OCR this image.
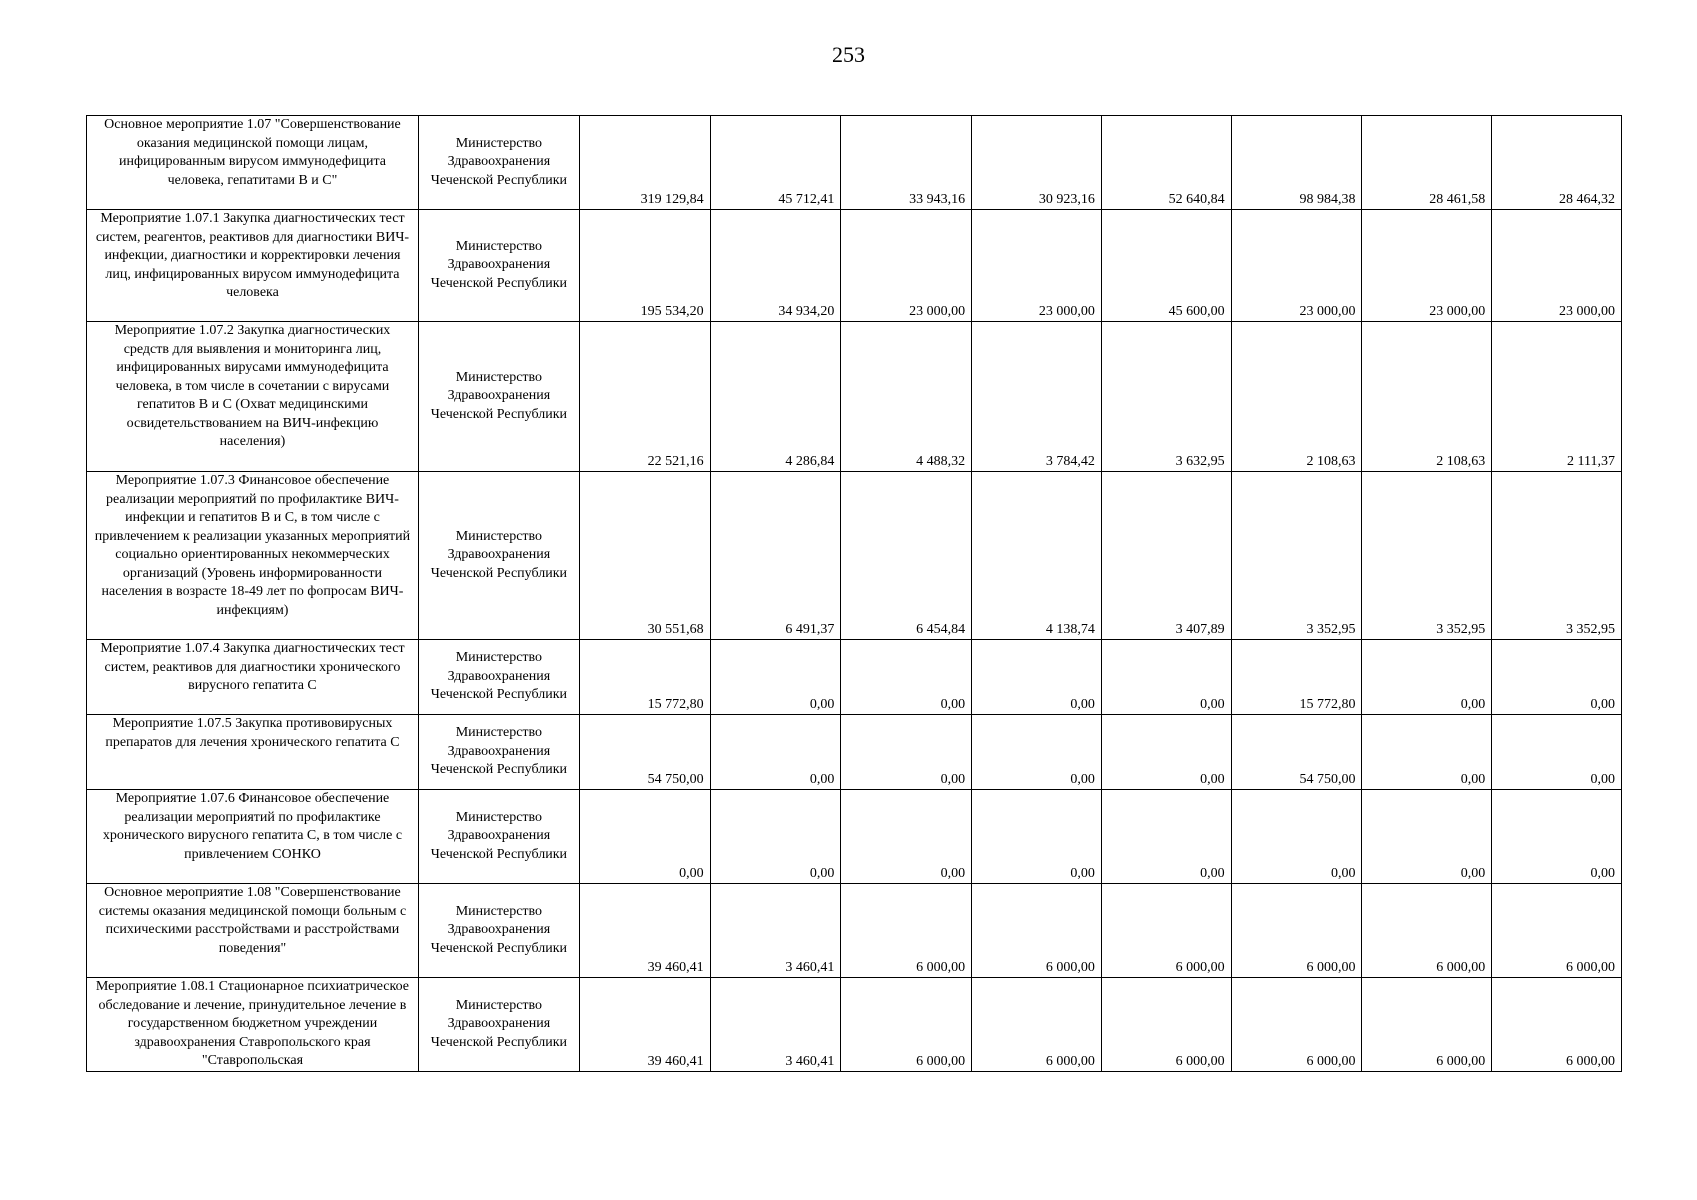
253
Основное мероприятие 1.07 "Совершенствование оказания медицинской помощи лицам, инфицированным вирусом иммунодефицита человека, гепатитами В и С"	Министерство Здравоохранения Чеченской Республики	319 129,84	45 712,41	33 943,16	30 923,16	52 640,84	98 984,38	28 461,58	28 464,32
Мероприятие 1.07.1 Закупка диагностических тест систем, реагентов, реактивов для диагностики ВИЧ-инфекции, диагностики и корректировки лечения лиц, инфицированных вирусом иммунодефицита человека	Министерство Здравоохранения Чеченской Республики	195 534,20	34 934,20	23 000,00	23 000,00	45 600,00	23 000,00	23 000,00	23 000,00
Мероприятие 1.07.2 Закупка диагностических средств для выявления и мониторинга лиц, инфицированных вирусами иммунодефицита человека, в том числе в сочетании с вирусами гепатитов В и С (Охват медицинскими освидетельствованием на ВИЧ-инфекцию населения)	Министерство Здравоохранения Чеченской Республики	22 521,16	4 286,84	4 488,32	3 784,42	3 632,95	2 108,63	2 108,63	2 111,37
Мероприятие 1.07.3 Финансовое обеспечение реализации мероприятий по профилактике ВИЧ-инфекции и гепатитов В и С, в том числе с привлечением к реализации указанных мероприятий социально ориентированных некоммерческих организаций (Уровень информированности населения в возрасте 18-49 лет по фопросам ВИЧ-инфекциям)	Министерство Здравоохранения Чеченской Республики	30 551,68	6 491,37	6 454,84	4 138,74	3 407,89	3 352,95	3 352,95	3 352,95
Мероприятие 1.07.4 Закупка диагностических тест систем, реактивов для диагностики хронического вирусного гепатита С	Министерство Здравоохранения Чеченской Республики	15 772,80	0,00	0,00	0,00	0,00	15 772,80	0,00	0,00
Мероприятие 1.07.5 Закупка противовирусных препаратов для лечения хронического гепатита С	Министерство Здравоохранения Чеченской Республики	54 750,00	0,00	0,00	0,00	0,00	54 750,00	0,00	0,00
Мероприятие 1.07.6 Финансовое обеспечение реализации мероприятий по профилактике хронического вирусного гепатита С, в том числе с привлечением СОНКО	Министерство Здравоохранения Чеченской Республики	0,00	0,00	0,00	0,00	0,00	0,00	0,00	0,00
Основное мероприятие 1.08 "Совершенствование системы оказания медицинской помощи больным с психическими расстройствами и расстройствами поведения"	Министерство Здравоохранения Чеченской Республики	39 460,41	3 460,41	6 000,00	6 000,00	6 000,00	6 000,00	6 000,00	6 000,00
Мероприятие 1.08.1 Стационарное психиатрическое обследование и лечение, принудительное лечение в государственном бюджетном учреждении здравоохранения Ставропольского края "Ставропольская	Министерство Здравоохранения Чеченской Республики	39 460,41	3 460,41	6 000,00	6 000,00	6 000,00	6 000,00	6 000,00	6 000,00
